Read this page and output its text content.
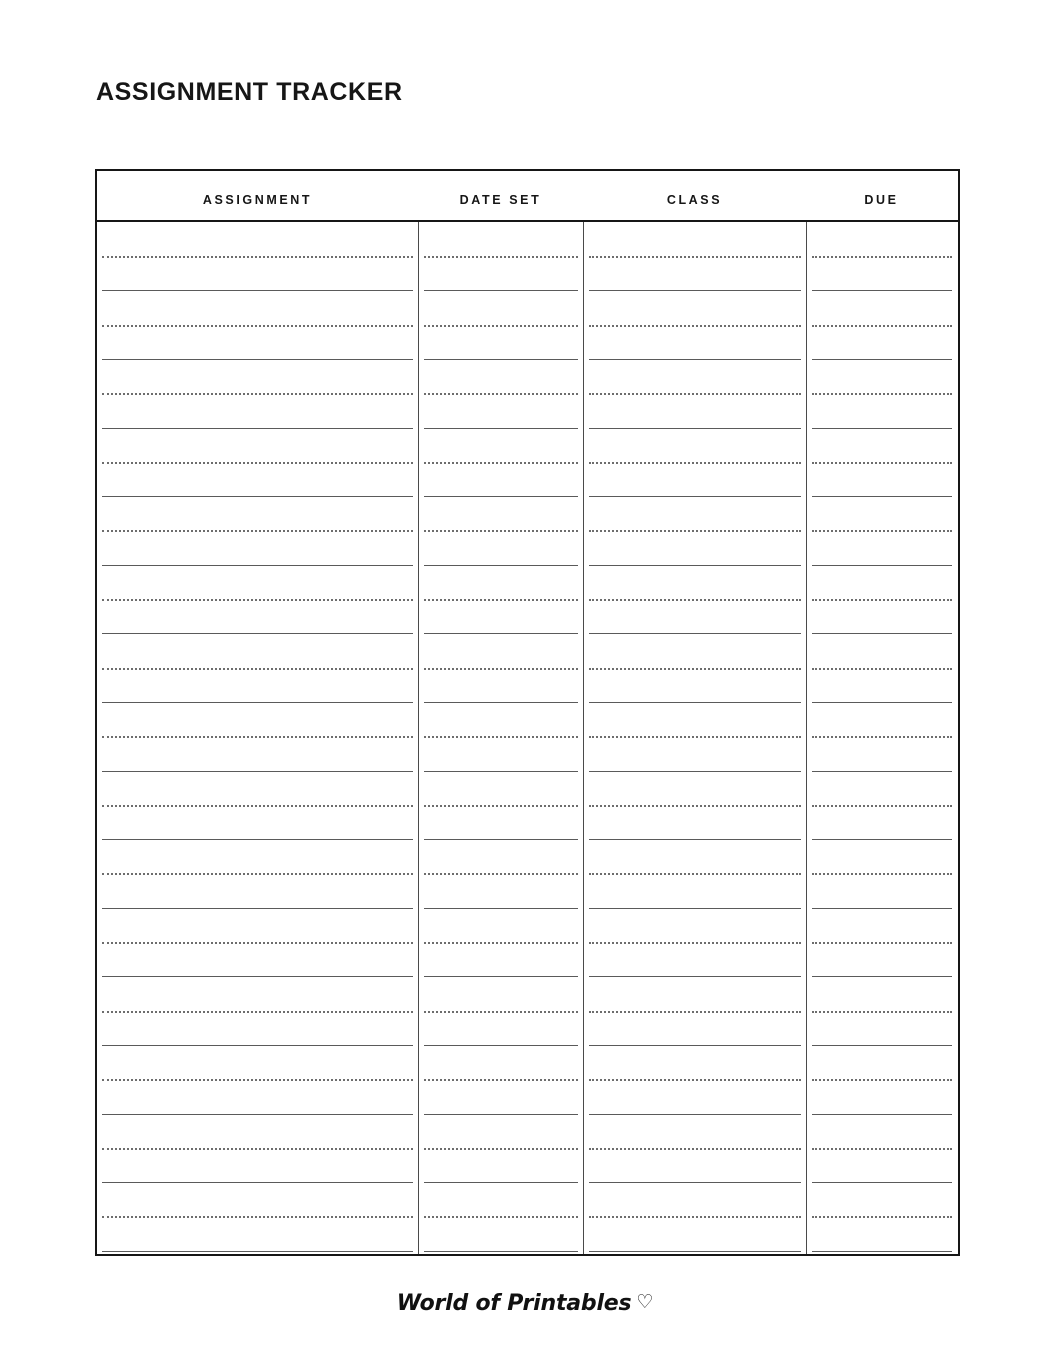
ASSIGNMENT TRACKER
ASSIGNMENT	DATE SET	CLASS	DUE
World of Printables ♡
